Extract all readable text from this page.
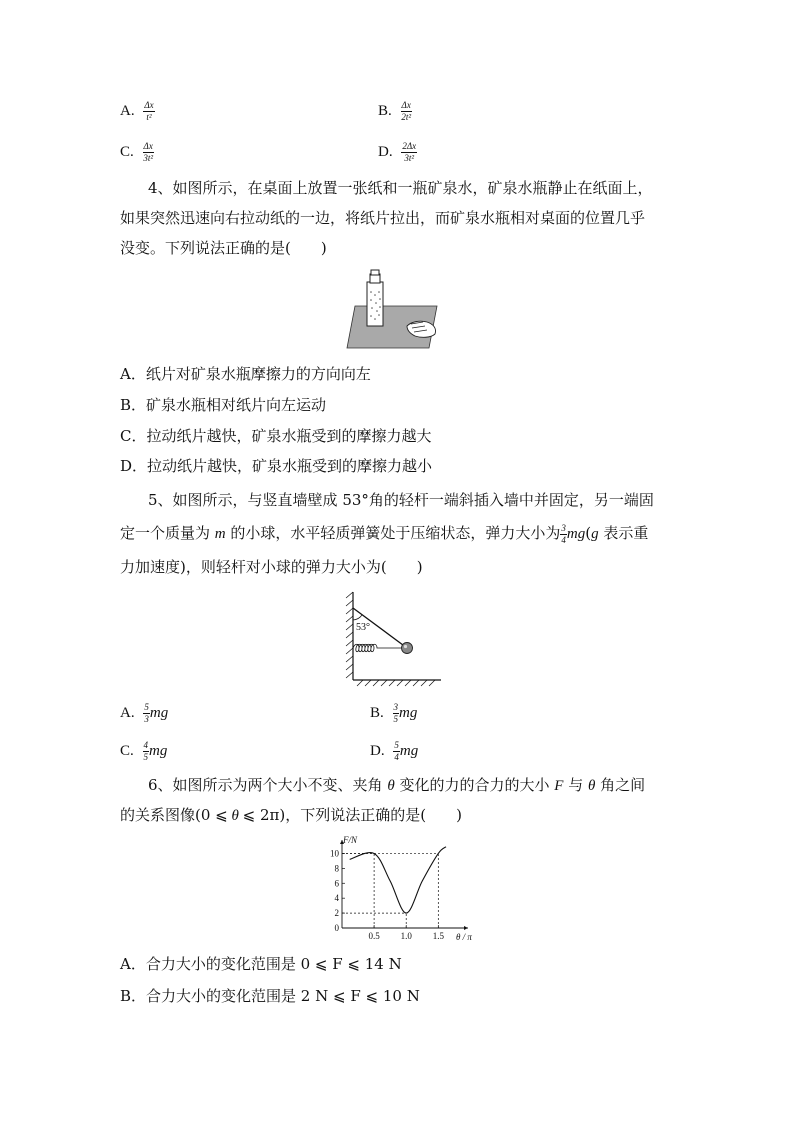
A. $\frac{\Delta x}{\text{t²}}$	B. $\frac{\Delta x}{\text{2t²}}$
C. $\frac{\Delta x}{\text{3t²}}$	D. $\frac{2\Delta x}{\text{3t²}}$
4、如图所示，在桌面上放置一张纸和一瓶矿泉水，矿泉水瓶静止在纸面上，
如果突然迅速向右拉动纸的一边，将纸片拉出，而矿泉水瓶相对桌面的位置几乎
没变。下列说法正确的是(　　)
A．纸片对矿泉水瓶摩擦力的方向向左
B．矿泉水瓶相对纸片向左运动
C．拉动纸片越快，矿泉水瓶受到的摩擦力越大
D．拉动纸片越快，矿泉水瓶受到的摩擦力越小
5、如图所示，与竖直墙壁成 53°角的轻杆一端斜插入墙中并固定，另一端固
定一个质量为 m 的小球，水平轻质弹簧处于压缩状态，弹力大小为 $\frac{3}{4} mg(g$ 表示重
力加速度)，则轻杆对小球的弹力大小为(　　)
53°
A. $\frac{5}{3}$ mg	B. $\frac{3}{5}$ mg
C. $\frac{4}{5}$ mg	D. $\frac{5}{4}$ mg
6、如图所示为两个大小不变、夹角 θ 变化的力的合力的大小 F 与 θ 角之间
的关系图像(0 ⩽ θ ⩽ 2π)，下列说法正确的是(　　)
0
2
4
6
8
10
0.5 1.0 1.5
F/N
θ / π
A．合力大小的变化范围是 0 ⩽ F ⩽ 14 N
B．合力大小的变化范围是 2 N ⩽ F ⩽ 10 N
